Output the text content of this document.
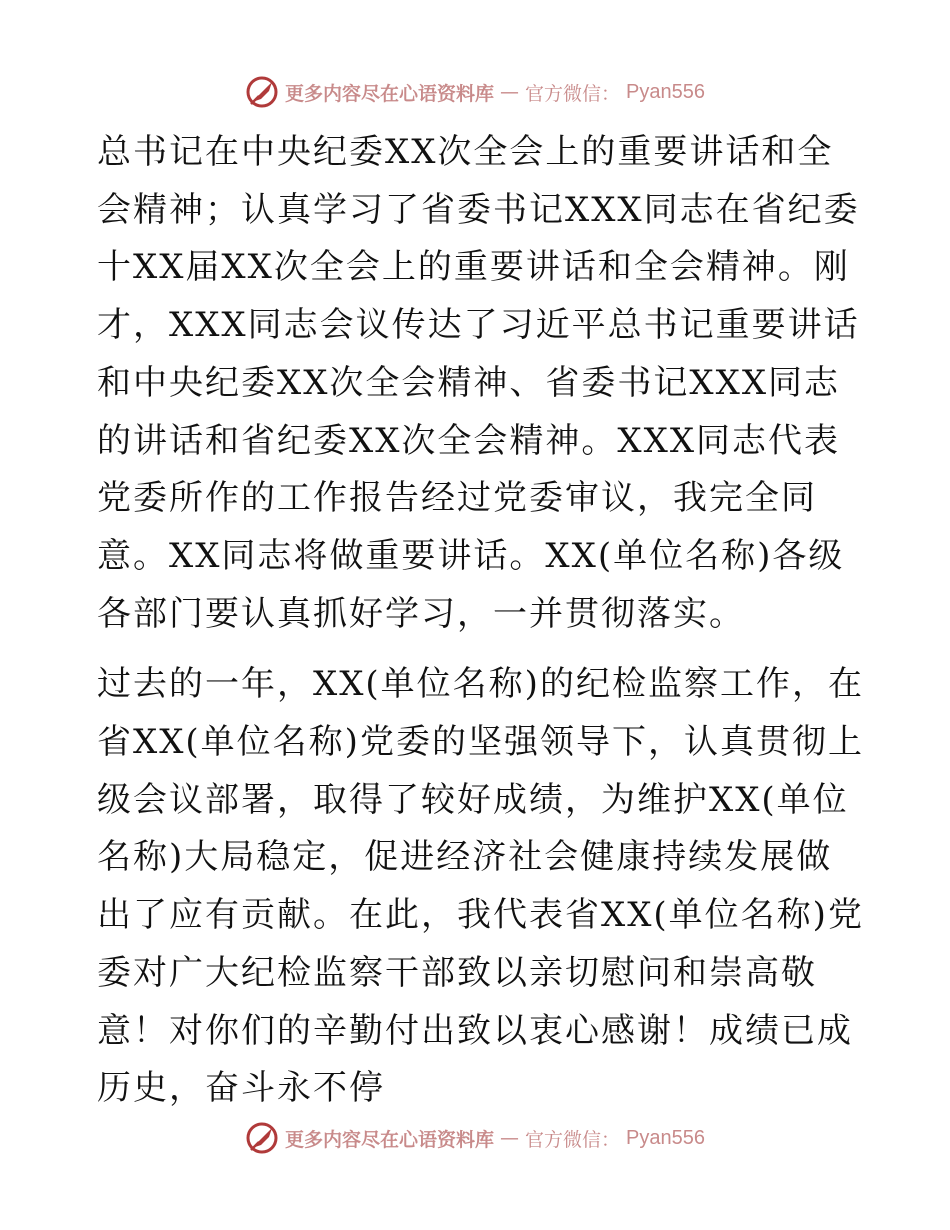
更多内容尽在心语资料库 — 官方微信： Pyan556

总书记在中央纪委XX次全会上的重要讲话和全会精神；认真学习了省委书记XXX同志在省纪委十XX届XX次全会上的重要讲话和全会精神。刚才，XXX同志会议传达了习近平总书记重要讲话和中央纪委XX次全会精神、省委书记XXX同志的讲话和省纪委XX次全会精神。XXX同志代表党委所作的工作报告经过党委审议，我完全同意。XX同志将做重要讲话。XX(单位名称)各级各部门要认真抓好学习，一并贯彻落实。

过去的一年，XX(单位名称)的纪检监察工作，在省XX(单位名称)党委的坚强领导下，认真贯彻上级会议部署，取得了较好成绩，为维护XX(单位名称)大局稳定，促进经济社会健康持续发展做出了应有贡献。在此，我代表省XX(单位名称)党委对广大纪检监察干部致以亲切慰问和崇高敬意！对你们的辛勤付出致以衷心感谢！成绩已成历史，奋斗永不停

更多内容尽在心语资料库 — 官方微信： Pyan556
